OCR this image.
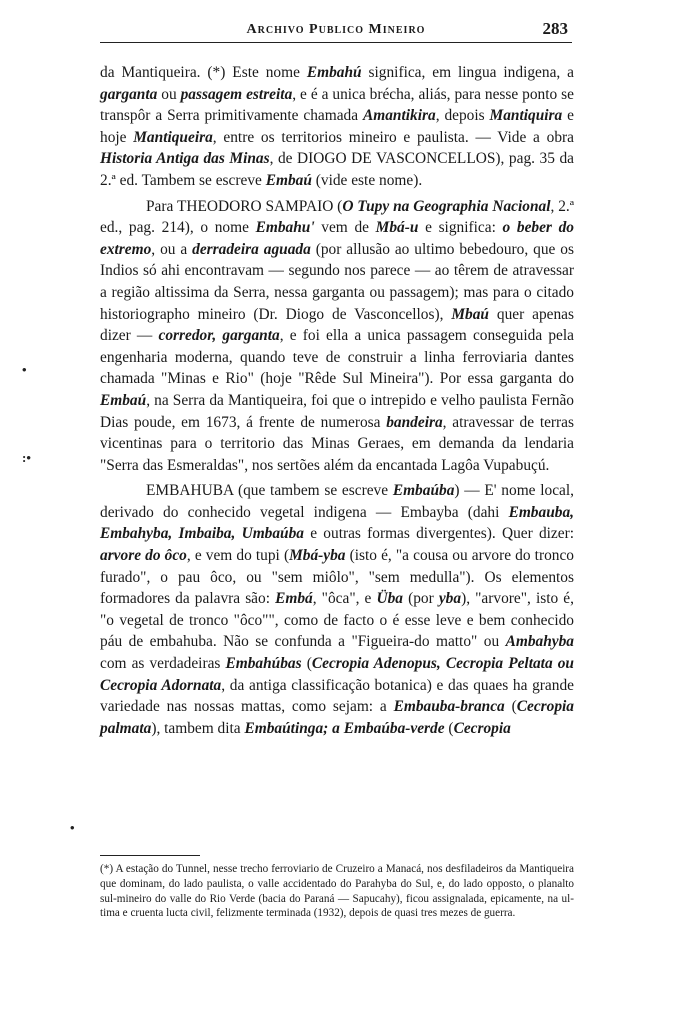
Archivo Publico Mineiro	283

da Mantiqueira. (*) Este nome Embahú significa, em lingua indigena, a garganta ou passagem estreita, e é a unica brécha, aliás, para nesse ponto se transpôr a Serra primitivamente chamada Amantikira, depois Mantiquira e hoje Mantiqueira, entre os territorios mineiro e paulista. — Vide a obra Historia Antiga das Minas, de DIOGO DE VASCONCELLOS), pag. 35 da 2.ª ed. Tambem se escreve Embaú (vide este nome).

Para THEODORO SAMPAIO (O Tupy na Geographia Nacional, 2.ª ed., pag. 214), o nome Embahu' vem de Mbá-u e significa: o beber do extremo, ou a derradeira aguada (por allusão ao ultimo bebedouro, que os Indios só ahi encontravam — segundo nos parece — ao têrem de atravessar a região altissima da Serra, nessa garganta ou passagem); mas para o citado historiographo mineiro (Dr. Diogo de Vasconcellos), Mbaú quer apenas dizer — corredor, garganta, e foi ella a unica passagem conseguida pela engenharia moderna, quando teve de construir a linha ferroviaria dantes chamada "Minas e Rio" (hoje "Rêde Sul Mineira"). Por essa garganta do Embaú, na Serra da Mantiqueira, foi que o intrepido e velho paulista Fernão Dias poude, em 1673, á frente de numerosa bandeira, atravessar de terras vicentinas para o territorio das Minas Geraes, em demanda da lendaria "Serra das Esmeraldas", nos sertões além da encantada Lagôa Vupabuçú.

EMBAHUBA (que tambem se escreve Embaúba) — E' nome local, derivado do conhecido vegetal indigena — Embayba (dahi Embauba, Embahyba, Imbaiba, Umbaúba e outras formas divergentes). Quer dizer: arvore do ôco, e vem do tupi (Mbá-yba (isto é, "a cousa ou arvore do tronco furado", o pau ôco, ou "sem miôlo", "sem medulla"). Os elementos formadores da palavra são: Embá, "ôca", e Üba (por yba), "arvore", isto é, "o vegetal de tronco "ôco"", como de facto o é esse leve e bem conhecido páu de embahuba. Não se confunda a "Figueira-do matto" ou Ambahyba com as verdadeiras Embahúbas (Cecropia Adenopus, Cecropia Peltata ou Cecropia Adornata, da antiga classificação botanica) e das quaes ha grande variedade nas nossas mattas, como sejam: a Embauba-branca (Cecropia palmata), tambem dita Embaútinga; a Embaúba-verde (Cecropia

•
:•
•
(*) A estação do Tunnel, nesse trecho ferroviario de Cruzeiro a Manacá, nos desfiladeiros da Mantiqueira que dominam, do lado paulista, o valle accidentado do Parahyba do Sul, e, do lado opposto, o planalto sul-mineiro do valle do Rio Verde (bacia do Paraná — Sapucahy), ficou assignalada, epicamente, na ultima e cruenta lucta civil, felizmente terminada (1932), depois de quasi tres mezes de guerra.
